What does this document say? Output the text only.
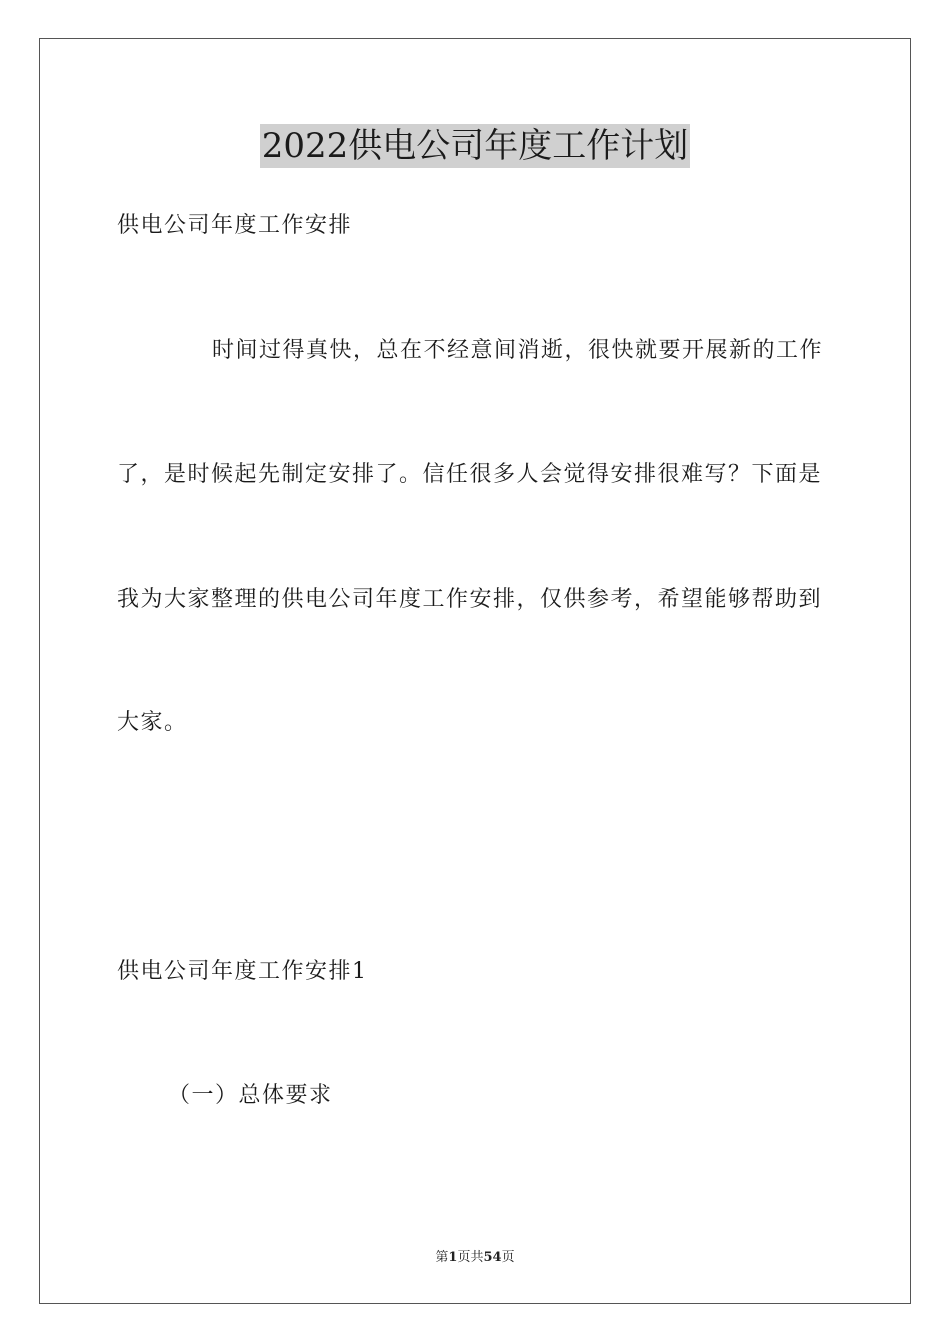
2022供电公司年度工作计划
供电公司年度工作安排
时间过得真快，总在不经意间消逝，很快就要开展新的工作
了，是时候起先制定安排了。信任很多人会觉得安排很难写？下面是
我为大家整理的供电公司年度工作安排，仅供参考，希望能够帮助到
大家。
供电公司年度工作安排1
（一）总体要求
第1页共54页
